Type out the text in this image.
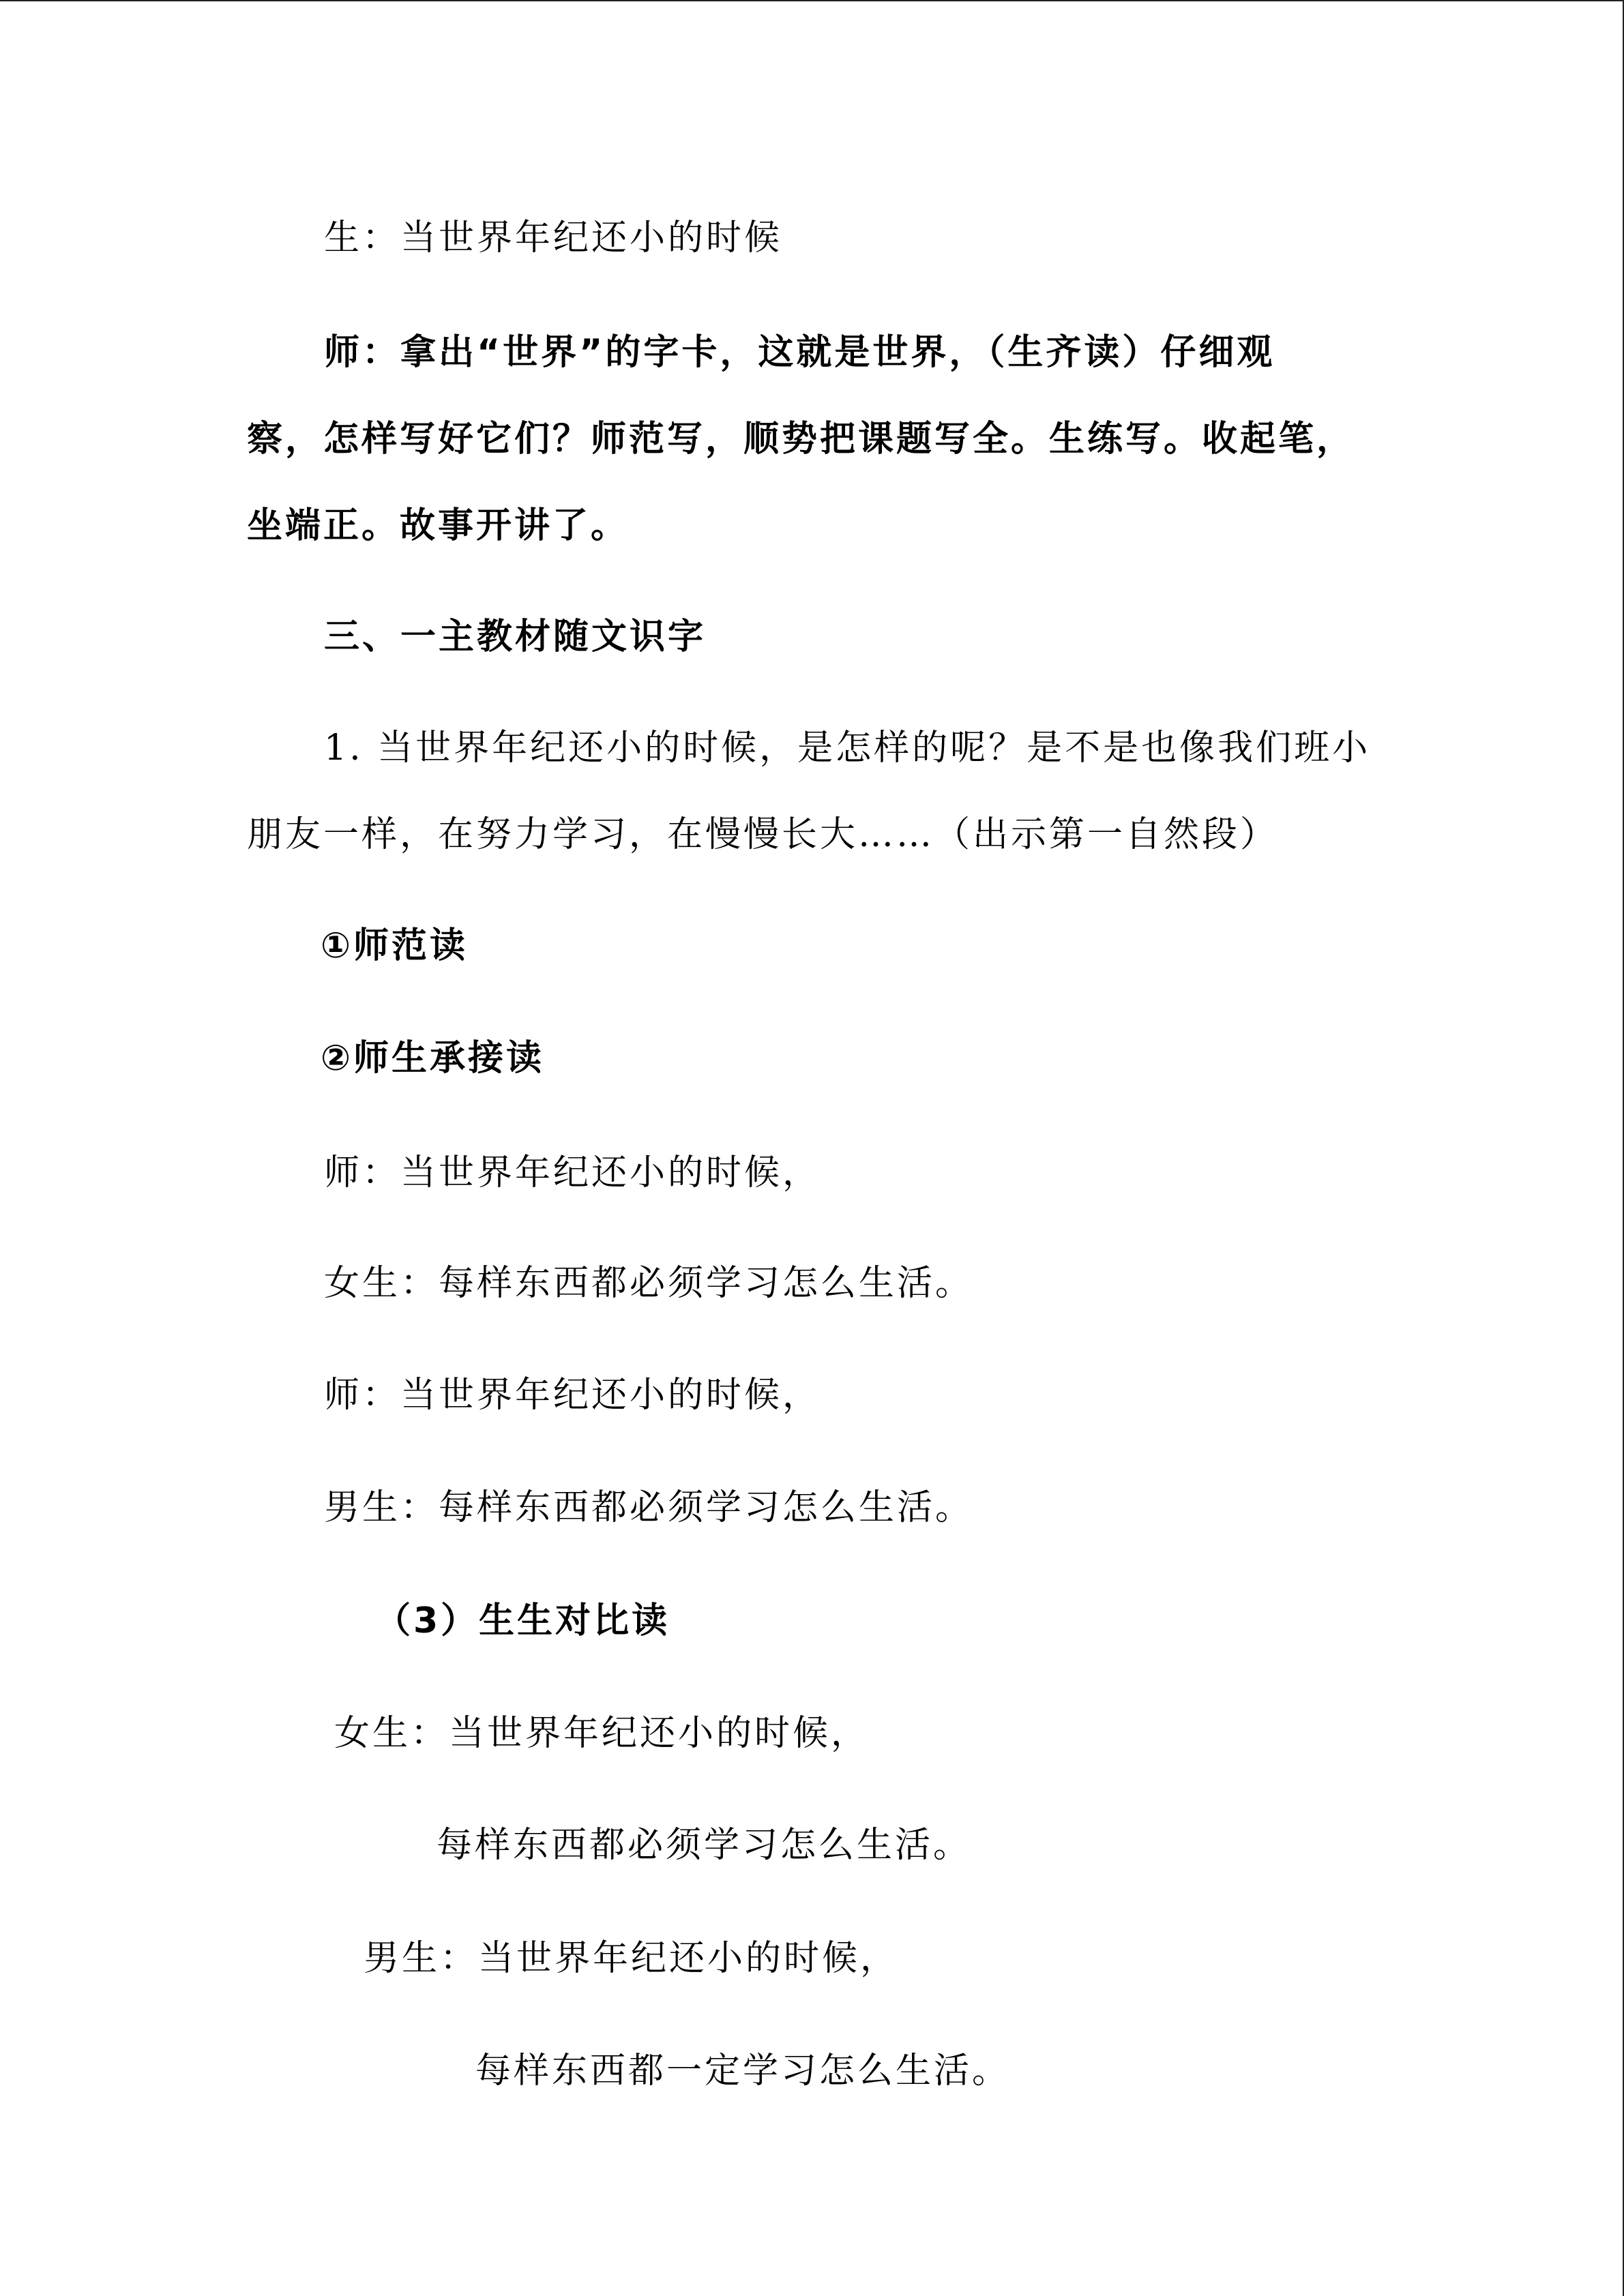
生：当世界年纪还小的时候
师：拿出“世界”的字卡，这就是世界，（生齐读）仔细观
察，怎样写好它们？师范写，顺势把课题写全。生练写。收起笔，
坐端正。故事开讲了。
三、一主教材随文识字
1. 当世界年纪还小的时候，是怎样的呢？是不是也像我们班小
朋友一样，在努力学习，在慢慢长大……（出示第一自然段）
①师范读
②师生承接读
师：当世界年纪还小的时候，
女生：每样东西都必须学习怎么生活。
师：当世界年纪还小的时候，
男生：每样东西都必须学习怎么生活。
（3）生生对比读
女生：当世界年纪还小的时候，
每样东西都必须学习怎么生活。
男生：当世界年纪还小的时候，
每样东西都一定学习怎么生活。
